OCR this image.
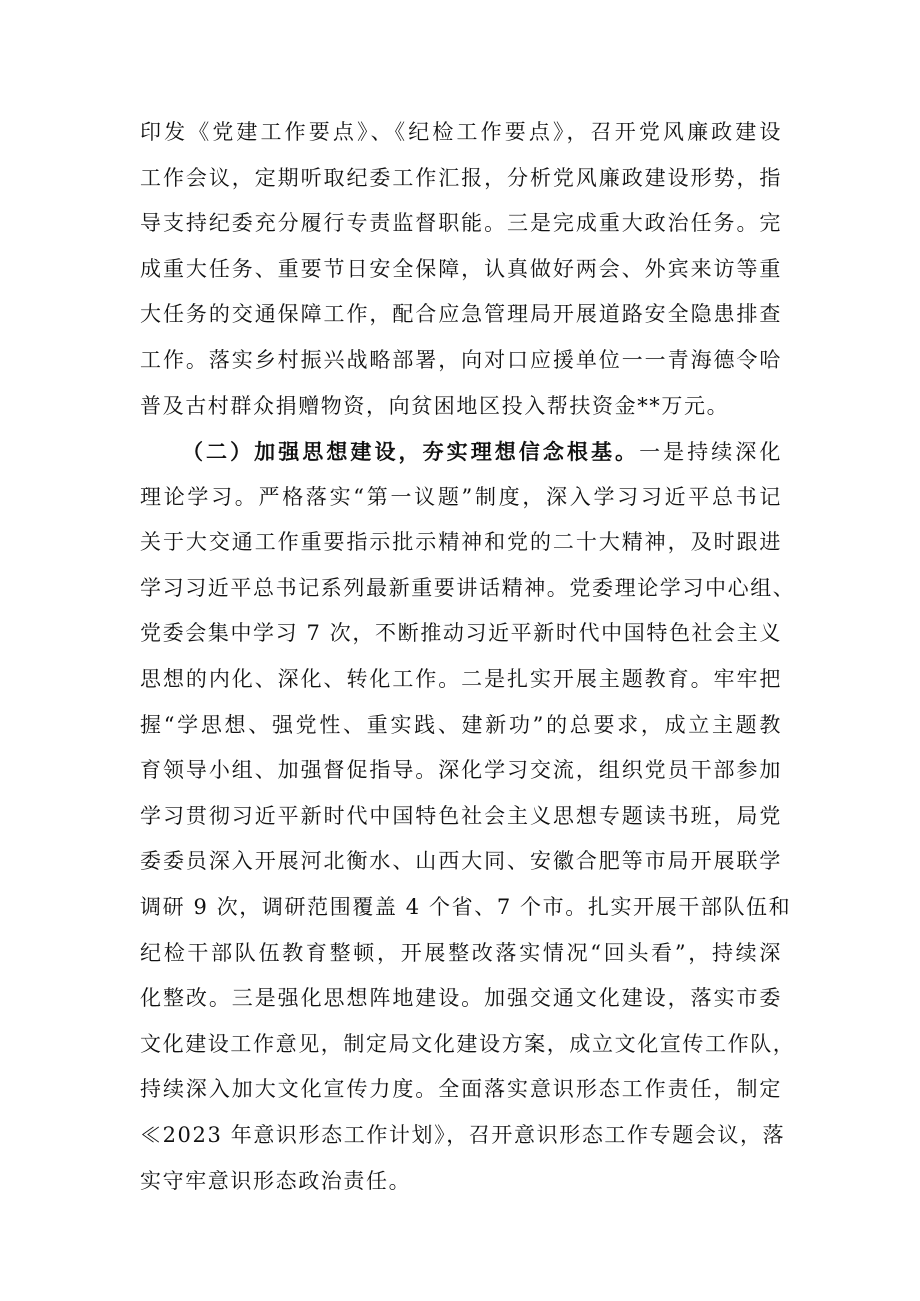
印发《党建工作要点》、《纪检工作要点》，召开党风廉政建设
工作会议，定期听取纪委工作汇报，分析党风廉政建设形势，指
导支持纪委充分履行专责监督职能。三是完成重大政治任务。完
成重大任务、重要节日安全保障，认真做好两会、外宾来访等重
大任务的交通保障工作，配合应急管理局开展道路安全隐患排查
工作。落实乡村振兴战略部署，向对口应援单位一一青海德令哈
普及古村群众捐赠物资，向贫困地区投入帮扶资金**万元。
（二）加强思想建设，夯实理想信念根基。一是持续深化
理论学习。严格落实“第一议题”制度，深入学习习近平总书记
关于大交通工作重要指示批示精神和党的二十大精神，及时跟进
学习习近平总书记系列最新重要讲话精神。党委理论学习中心组、
党委会集中学习 7 次，不断推动习近平新时代中国特色社会主义
思想的内化、深化、转化工作。二是扎实开展主题教育。牢牢把
握“学思想、强党性、重实践、建新功”的总要求，成立主题教
育领导小组、加强督促指导。深化学习交流，组织党员干部参加
学习贯彻习近平新时代中国特色社会主义思想专题读书班，局党
委委员深入开展河北衡水、山西大同、安徽合肥等市局开展联学
调研 9 次，调研范围覆盖 4 个省、7 个市。扎实开展干部队伍和
纪检干部队伍教育整顿，开展整改落实情况“回头看”，持续深
化整改。三是强化思想阵地建设。加强交通文化建设，落实市委
文化建设工作意见，制定局文化建设方案，成立文化宣传工作队，
持续深入加大文化宣传力度。全面落实意识形态工作责任，制定
≪2023 年意识形态工作计划》，召开意识形态工作专题会议，落
实守牢意识形态政治责任。
